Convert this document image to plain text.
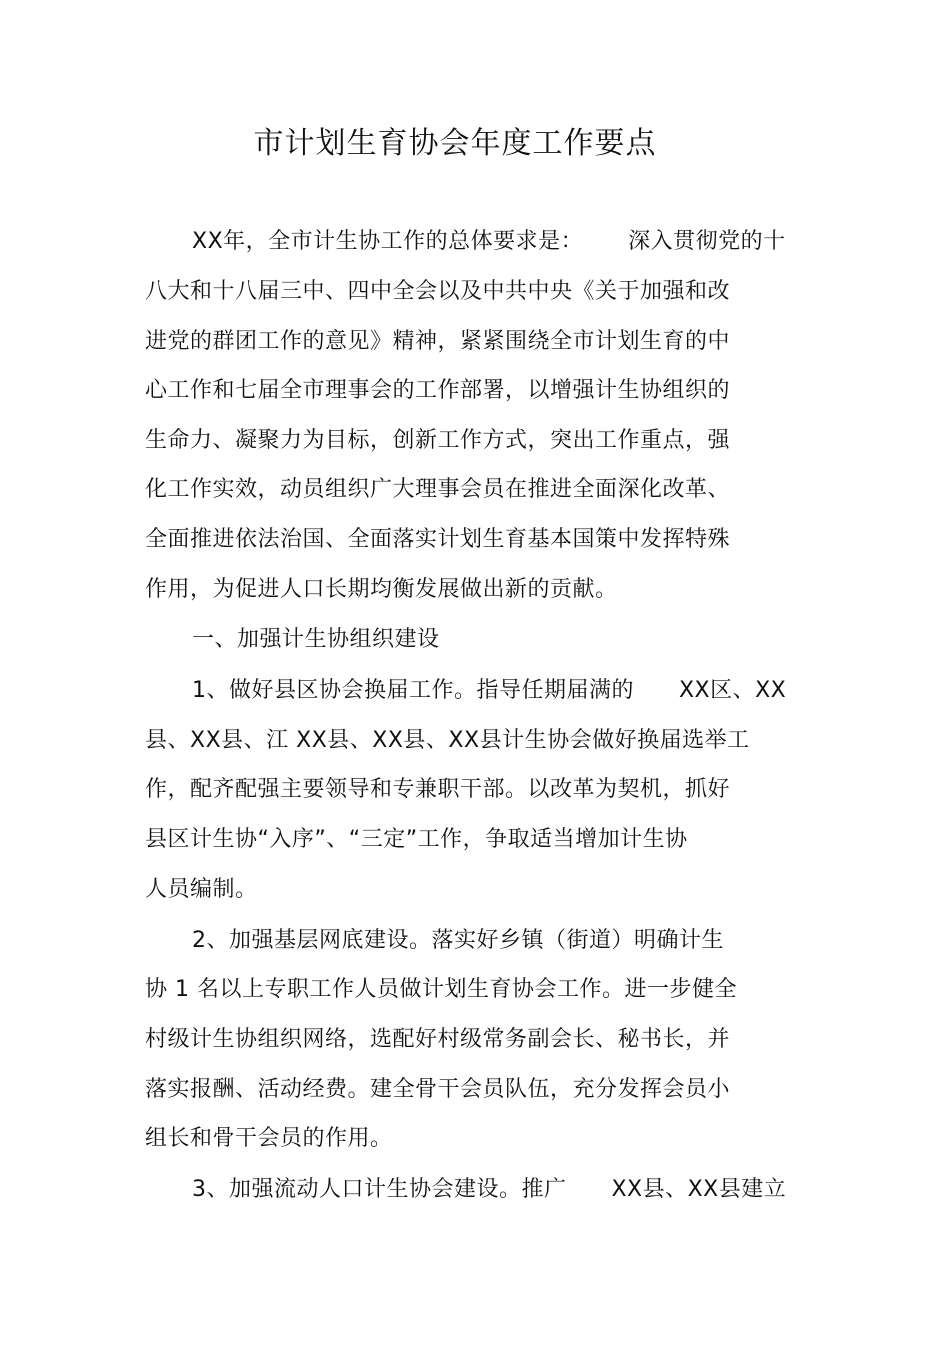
市计划生育协会年度工作要点
XX年，全市计生协工作的总体要求是：      深入贯彻党的十
八大和十八届三中、四中全会以及中共中央《关于加强和改
进党的群团工作的意见》精神，紧紧围绕全市计划生育的中
心工作和七届全市理事会的工作部署，以增强计生协组织的
生命力、凝聚力为目标，创新工作方式，突出工作重点，强
化工作实效，动员组织广大理事会员在推进全面深化改革、
全面推进依法治国、全面落实计划生育基本国策中发挥特殊
作用，为促进人口长期均衡发展做出新的贡献。
一、加强计生协组织建设
1、做好县区协会换届工作。指导任期届满的      XX区、XX
县、XX县、江 XX县、XX县、XX县计生协会做好换届选举工
作，配齐配强主要领导和专兼职干部。以改革为契机，抓好
县区计生协“入序”、“三定”工作，争取适当增加计生协
人员编制。
2、加强基层网底建设。落实好乡镇（街道）明确计生
协 1 名以上专职工作人员做计划生育协会工作。进一步健全
村级计生协组织网络，选配好村级常务副会长、秘书长，并
落实报酬、活动经费。建全骨干会员队伍，充分发挥会员小
组长和骨干会员的作用。
3、加强流动人口计生协会建设。推广      XX县、XX县建立
